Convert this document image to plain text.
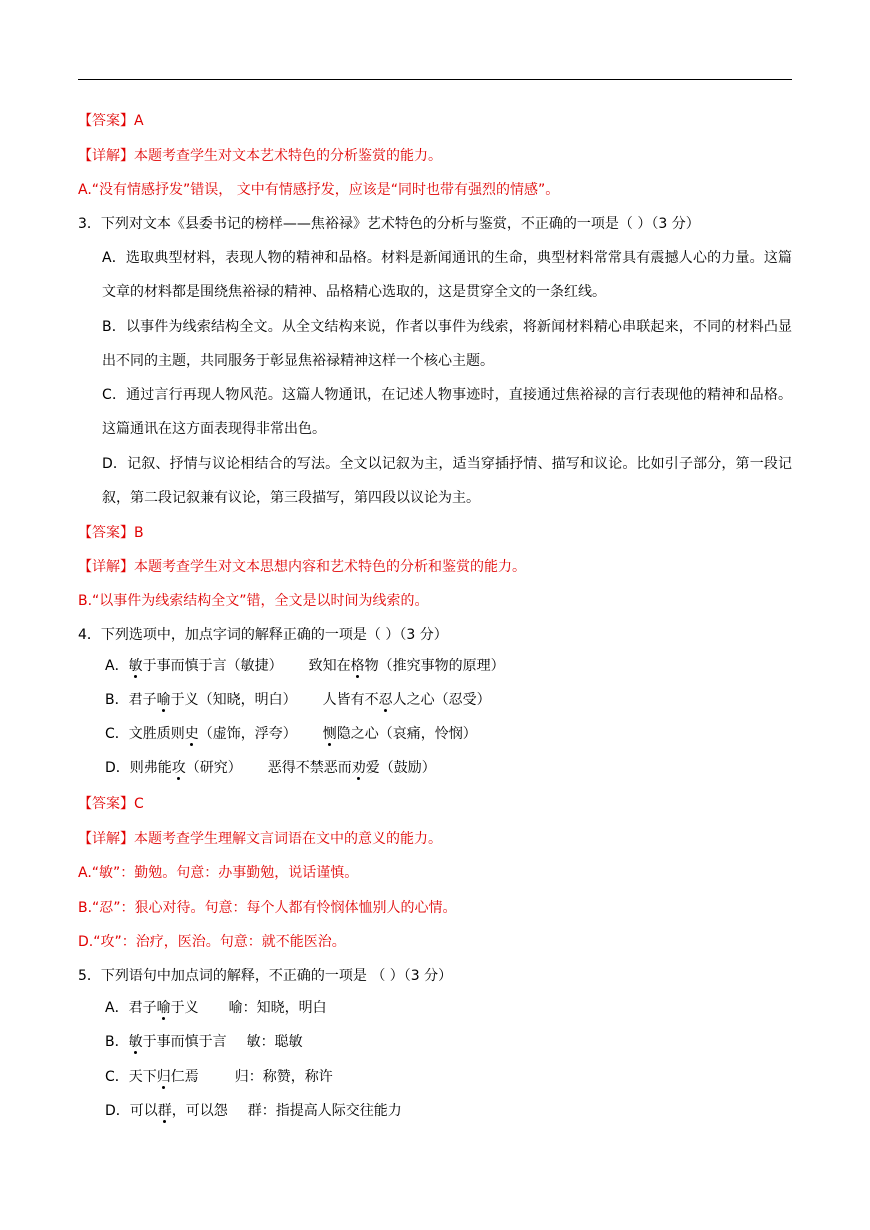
【答案】A
【详解】本题考查学生对文本艺术特色的分析鉴赏的能力。
A.“没有情感抒发”错误， 文中有情感抒发，应该是“同时也带有强烈的情感”。
3．下列对文本《县委书记的榜样——焦裕禄》艺术特色的分析与鉴赏，不正确的一项是（ ）（3 分）
A．选取典型材料，表现人物的精神和品格。材料是新闻通讯的生命，典型材料常常具有震撼人心的力量。这篇文章的材料都是围绕焦裕禄的精神、品格精心选取的，这是贯穿全文的一条红线。
B．以事件为线索结构全文。从全文结构来说，作者以事件为线索，将新闻材料精心串联起来，不同的材料凸显出不同的主题，共同服务于彰显焦裕禄精神这样一个核心主题。
C．通过言行再现人物风范。这篇人物通讯，在记述人物事迹时，直接通过焦裕禄的言行表现他的精神和品格。这篇通讯在这方面表现得非常出色。
D．记叙、抒情与议论相结合的写法。全文以记叙为主，适当穿插抒情、描写和议论。比如引子部分，第一段记叙，第二段记叙兼有议论，第三段描写，第四段以议论为主。
【答案】B
【详解】本题考查学生对文本思想内容和艺术特色的分析和鉴赏的能力。
B.“以事件为线索结构全文”错，全文是以时间为线索的。
4．下列选项中，加点字词的解释正确的一项是（ ）（3 分）
A．敏于事而慎于言（敏捷） 致知在格物（推究事物的原理）
B．君子喻于义（知晓，明白） 人皆有不忍人之心（忍受）
C．文胜质则史（虚饰，浮夸） 恻隐之心（哀痛，怜悯）
D．则弗能攻（研究） 恶得不禁恶而劝爱（鼓励）
【答案】C
【详解】本题考查学生理解文言词语在文中的意义的能力。
A.“敏”：勤勉。句意：办事勤勉，说话谨慎。
B.“忍”：狠心对待。句意：每个人都有怜悯体恤别人的心情。
D.“攻”：治疗，医治。句意：就不能医治。
5．下列语句中加点词的解释，不正确的一项是 （ ）（3 分）
A．君子喻于义 喻：知晓，明白
B．敏于事而慎于言 敏：聪敏
C．天下归仁焉	归：称赞，称许
D．可以群，可以怨 群：指提高人际交往能力
